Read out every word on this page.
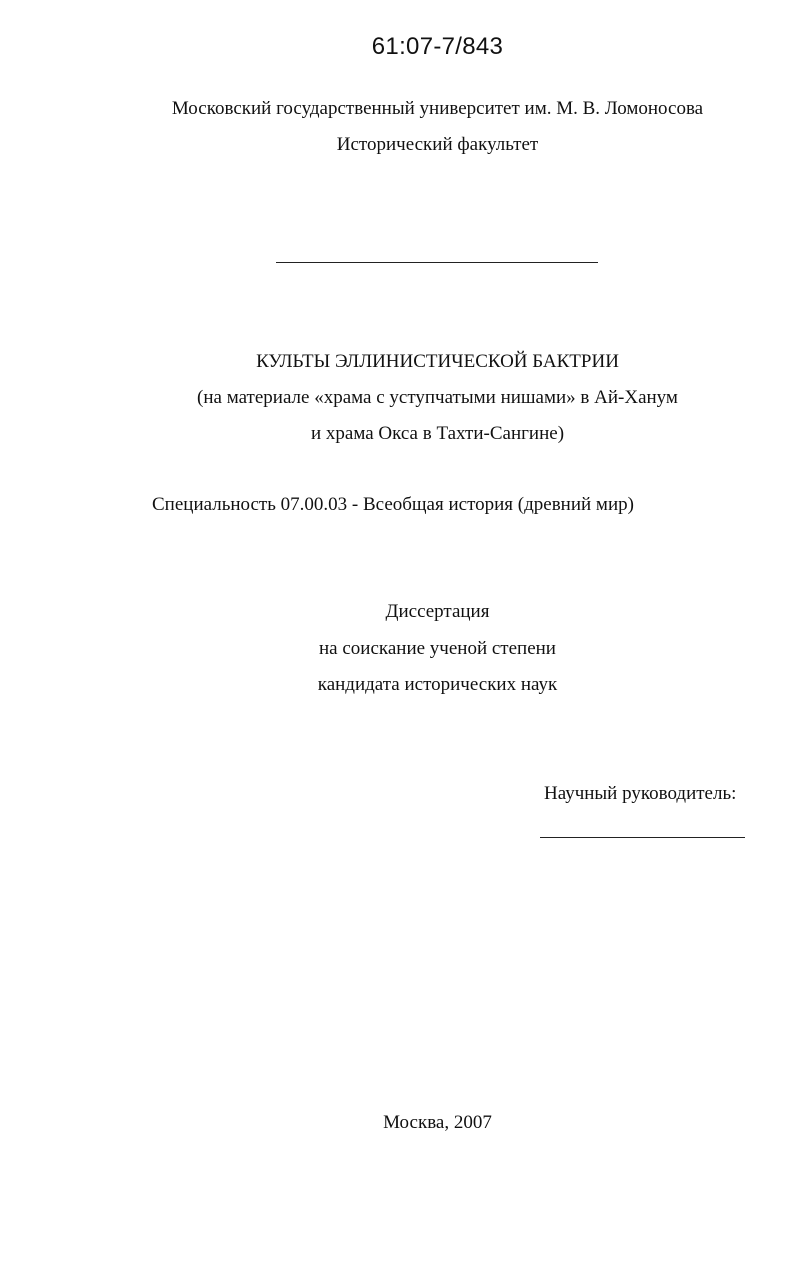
61:07-7/843
Московский государственный университет им. М. В. Ломоносова
Исторический факультет
КУЛЬТЫ ЭЛЛИНИСТИЧЕСКОЙ БАКТРИИ
(на материале «храма с уступчатыми нишами» в Ай-Ханум
и храма Окса в Тахти-Сангине)
Специальность 07.00.03 - Всеобщая история (древний мир)
Диссертация
на соискание ученой степени
кандидата исторических наук
Научный руководитель:
Москва, 2007
